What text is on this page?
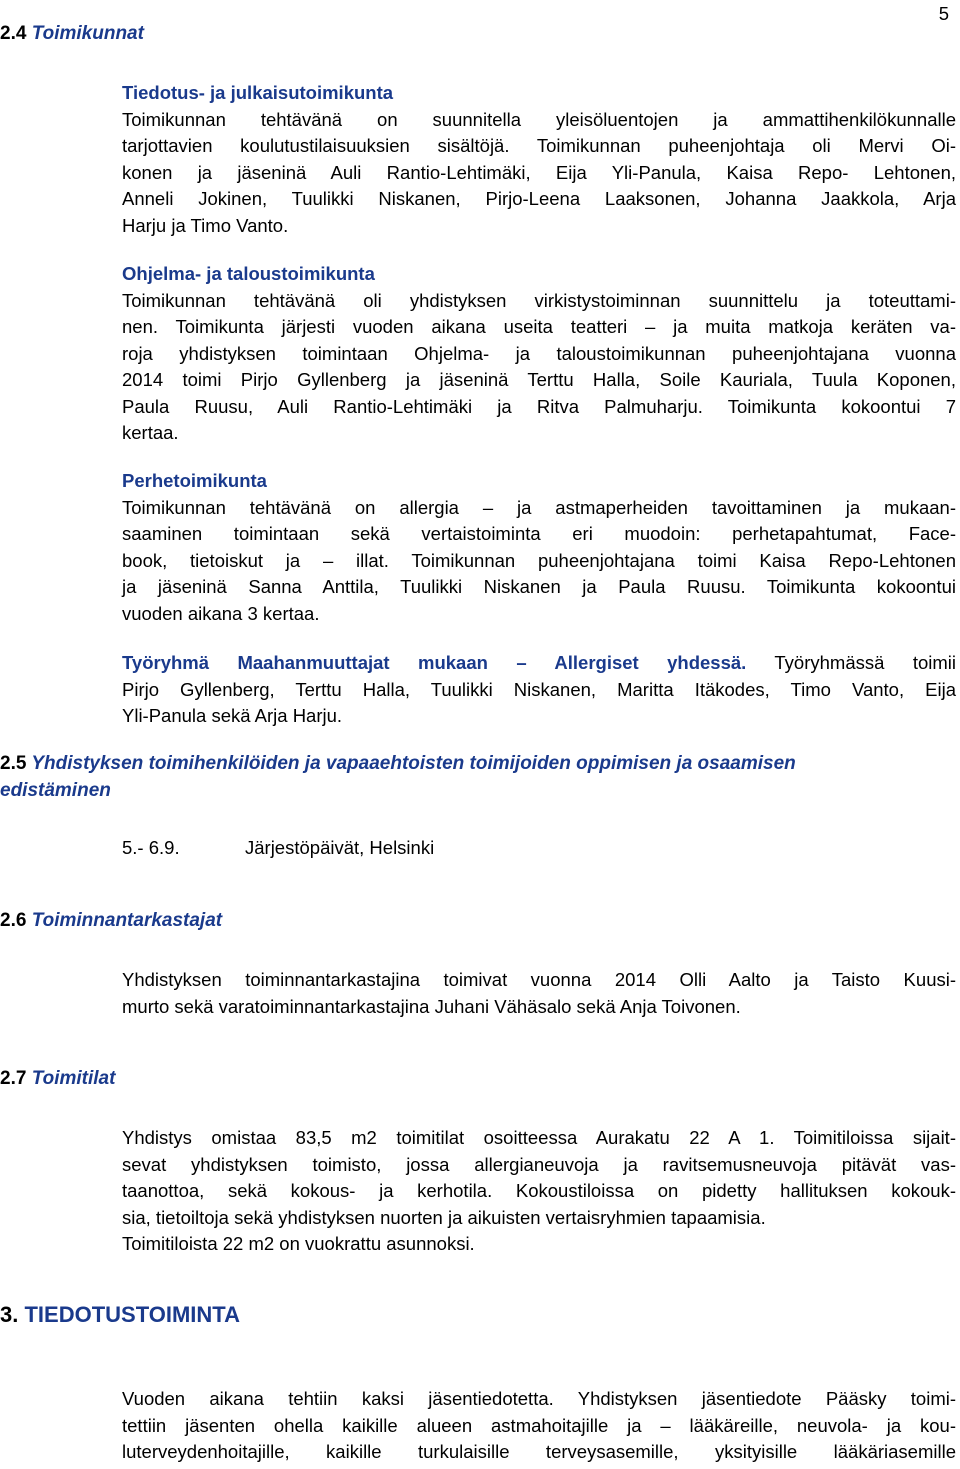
5
2.4 Toimikunnat

Tiedotus- ja julkaisutoimikunta

Toimikunnan tehtävänä on suunnitella yleisöluentojen ja ammattihenkilökunnalle

tarjottavien koulutustilaisuuksien sisältöjä. Toimikunnan puheenjohtaja oli Mervi Oi-

konen ja jäseninä Auli Rantio-Lehtimäki, Eija Yli-Panula, Kaisa Repo- Lehtonen,

Anneli Jokinen, Tuulikki Niskanen, Pirjo-Leena Laaksonen, Johanna Jaakkola, Arja

Harju ja Timo Vanto.

Ohjelma- ja taloustoimikunta

Toimikunnan tehtävänä oli yhdistyksen virkistystoiminnan suunnittelu ja toteuttami-

nen. Toimikunta järjesti vuoden aikana useita teatteri – ja muita matkoja keräten va-

roja yhdistyksen toimintaan Ohjelma- ja taloustoimikunnan puheenjohtajana vuonna

2014 toimi Pirjo Gyllenberg ja jäseninä Terttu Halla, Soile Kauriala, Tuula Koponen,

Paula Ruusu, Auli Rantio-Lehtimäki ja Ritva Palmuharju. Toimikunta kokoontui 7

kertaa.

Perhetoimikunta

Toimikunnan tehtävänä on allergia – ja astmaperheiden tavoittaminen ja mukaan-

saaminen toimintaan sekä vertaistoiminta eri muodoin: perhetapahtumat, Face-

book, tietoiskut ja – illat. Toimikunnan puheenjohtajana toimi Kaisa Repo-Lehtonen

ja jäseninä Sanna Anttila, Tuulikki Niskanen ja Paula Ruusu. Toimikunta kokoontui

vuoden aikana 3 kertaa.

Työryhmä Maahanmuuttajat mukaan – Allergiset yhdessä. Työryhmässä toimii

Pirjo Gyllenberg, Terttu Halla, Tuulikki Niskanen, Maritta Itäkodes, Timo Vanto, Eija

Yli-Panula sekä Arja Harju.

2.5 Yhdistyksen toimihenkilöiden ja vapaaehtoisten toimijoiden oppimisen ja osaamisen
edistäminen
5.- 6.9.	Järjestöpäivät, Helsinki
2.6 Toiminnantarkastajat

Yhdistyksen toiminnantarkastajina toimivat vuonna 2014 Olli Aalto ja Taisto Kuusi-

murto sekä varatoiminnantarkastajina Juhani Vähäsalo sekä Anja Toivonen.

2.7 Toimitilat

Yhdistys omistaa 83,5 m2 toimitilat osoitteessa Aurakatu 22 A 1. Toimitiloissa sijait-

sevat yhdistyksen toimisto, jossa allergianeuvoja ja ravitsemusneuvoja pitävät vas-

taanottoa, sekä kokous- ja kerhotila. Kokoustiloissa on pidetty hallituksen kokouk-

sia, tietoiltoja sekä yhdistyksen nuorten ja aikuisten vertaisryhmien tapaamisia.

Toimitiloista 22 m2 on vuokrattu asunnoksi.

3. TIEDOTUSTOIMINTA

Vuoden aikana tehtiin kaksi jäsentiedotetta. Yhdistyksen jäsentiedote Pääsky toimi-

tettiin jäsenten ohella kaikille alueen astmahoitajille ja – lääkäreille, neuvola- ja kou-

luterveydenhoitajille, kaikille turkulaisille terveysasemille, yksityisille lääkäriasemille
